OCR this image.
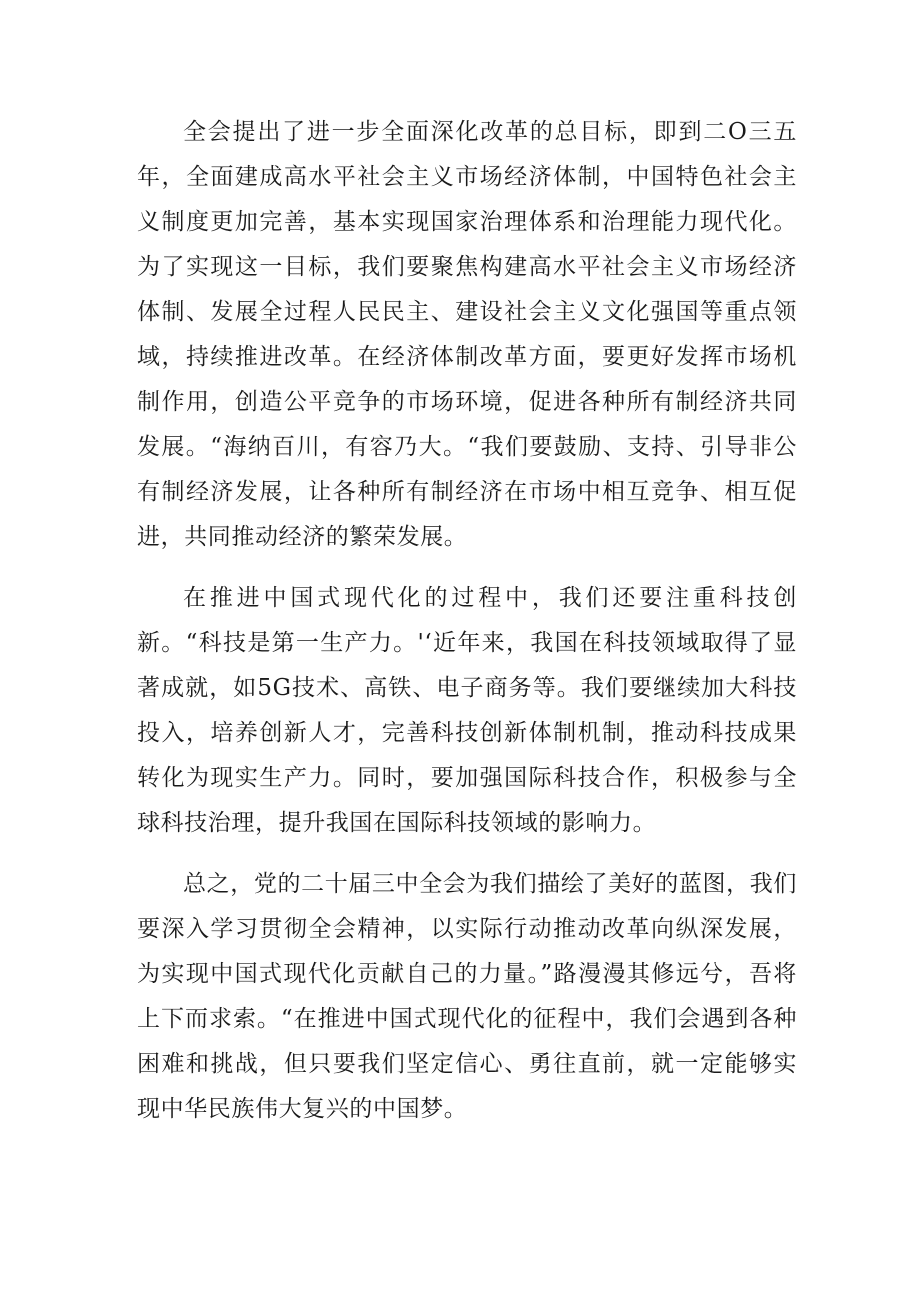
全会提出了进一步全面深化改革的总目标，即到二O三五年，全面建成高水平社会主义市场经济体制，中国特色社会主义制度更加完善，基本实现国家治理体系和治理能力现代化。为了实现这一目标，我们要聚焦构建高水平社会主义市场经济体制、发展全过程人民民主、建设社会主义文化强国等重点领域，持续推进改革。在经济体制改革方面，要更好发挥市场机制作用，创造公平竞争的市场环境，促进各种所有制经济共同发展。“海纳百川，有容乃大。“我们要鼓励、支持、引导非公有制经济发展，让各种所有制经济在市场中相互竞争、相互促进，共同推动经济的繁荣发展。

在推进中国式现代化的过程中，我们还要注重科技创新。“科技是第一生产力。'‘近年来，我国在科技领域取得了显著成就，如5G技术、高铁、电子商务等。我们要继续加大科技投入，培养创新人才，完善科技创新体制机制，推动科技成果转化为现实生产力。同时，要加强国际科技合作，积极参与全球科技治理，提升我国在国际科技领域的影响力。

总之，党的二十届三中全会为我们描绘了美好的蓝图，我们要深入学习贯彻全会精神，以实际行动推动改革向纵深发展，为实现中国式现代化贡献自己的力量。”路漫漫其修远兮，吾将上下而求索。“在推进中国式现代化的征程中，我们会遇到各种困难和挑战，但只要我们坚定信心、勇往直前，就一定能够实现中华民族伟大复兴的中国梦。
